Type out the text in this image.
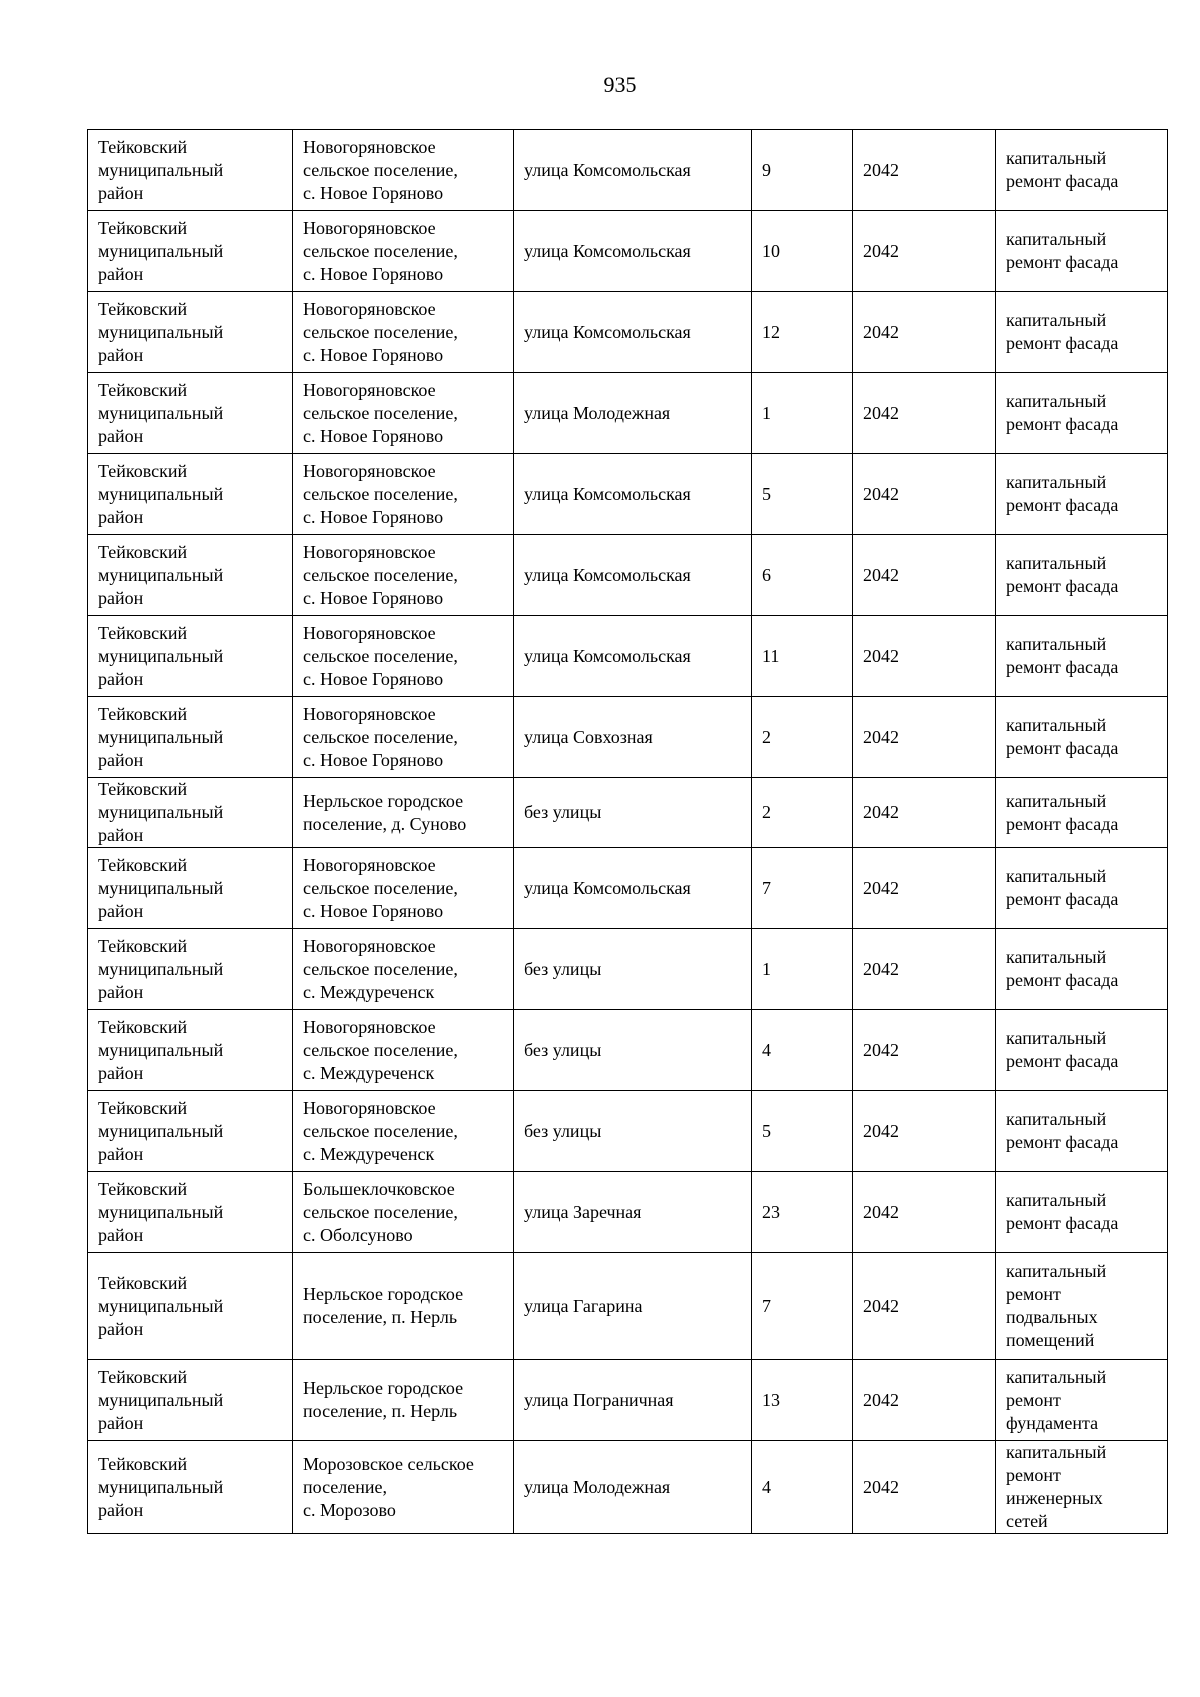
935
Тейковский
муниципальный
район	Новогоряновское
сельское поселение,
с. Новое Горяново	улица Комсомольская	9	2042	капитальный
ремонт фасада
Тейковский
муниципальный
район	Новогоряновское
сельское поселение,
с. Новое Горяново	улица Комсомольская	10	2042	капитальный
ремонт фасада
Тейковский
муниципальный
район	Новогоряновское
сельское поселение,
с. Новое Горяново	улица Комсомольская	12	2042	капитальный
ремонт фасада
Тейковский
муниципальный
район	Новогоряновское
сельское поселение,
с. Новое Горяново	улица Молодежная	1	2042	капитальный
ремонт фасада
Тейковский
муниципальный
район	Новогоряновское
сельское поселение,
с. Новое Горяново	улица Комсомольская	5	2042	капитальный
ремонт фасада
Тейковский
муниципальный
район	Новогоряновское
сельское поселение,
с. Новое Горяново	улица Комсомольская	6	2042	капитальный
ремонт фасада
Тейковский
муниципальный
район	Новогоряновское
сельское поселение,
с. Новое Горяново	улица Комсомольская	11	2042	капитальный
ремонт фасада
Тейковский
муниципальный
район	Новогоряновское
сельское поселение,
с. Новое Горяново	улица Совхозная	2	2042	капитальный
ремонт фасада
Тейковский
муниципальный
район	Нерльское городское
поселение, д. Суново	без улицы	2	2042	капитальный
ремонт фасада
Тейковский
муниципальный
район	Новогоряновское
сельское поселение,
с. Новое Горяново	улица Комсомольская	7	2042	капитальный
ремонт фасада
Тейковский
муниципальный
район	Новогоряновское
сельское поселение,
с. Междуреченск	без улицы	1	2042	капитальный
ремонт фасада
Тейковский
муниципальный
район	Новогоряновское
сельское поселение,
с. Междуреченск	без улицы	4	2042	капитальный
ремонт фасада
Тейковский
муниципальный
район	Новогоряновское
сельское поселение,
с. Междуреченск	без улицы	5	2042	капитальный
ремонт фасада
Тейковский
муниципальный
район	Большеклочковское
сельское поселение,
с. Оболсуново	улица Заречная	23	2042	капитальный
ремонт фасада
Тейковский
муниципальный
район	Нерльское городское
поселение, п. Нерль	улица Гагарина	7	2042	капитальный
ремонт
подвальных
помещений
Тейковский
муниципальный
район	Нерльское городское
поселение, п. Нерль	улица Пограничная	13	2042	капитальный
ремонт
фундамента
Тейковский
муниципальный
район	Морозовское сельское
поселение,
с. Морозово	улица Молодежная	4	2042	капитальный
ремонт
инженерных
сетей
